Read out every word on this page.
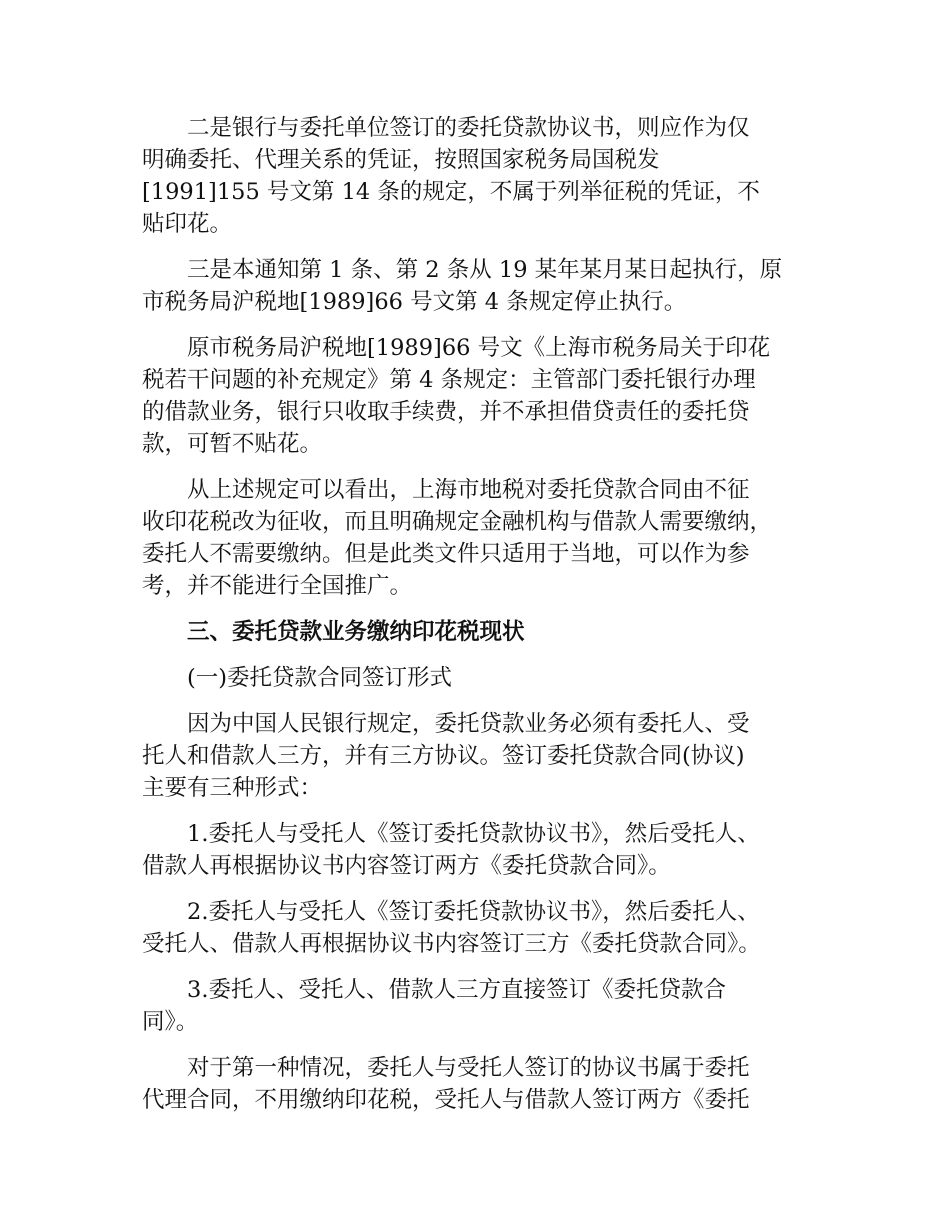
二是银行与委托单位签订的委托贷款协议书，则应作为仅
明确委托、代理关系的凭证，按照国家税务局国税发
[1991]155 号文第 14 条的规定，不属于列举征税的凭证，不
贴印花。

三是本通知第 1 条、第 2 条从 19 某年某月某日起执行，原
市税务局沪税地[1989]66 号文第 4 条规定停止执行。

原市税务局沪税地[1989]66 号文《上海市税务局关于印花
税若干问题的补充规定》第 4 条规定：主管部门委托银行办理
的借款业务，银行只收取手续费，并不承担借贷责任的委托贷
款，可暂不贴花。

从上述规定可以看出，上海市地税对委托贷款合同由不征
收印花税改为征收，而且明确规定金融机构与借款人需要缴纳，
委托人不需要缴纳。但是此类文件只适用于当地，可以作为参
考，并不能进行全国推广。

三、委托贷款业务缴纳印花税现状

(一)委托贷款合同签订形式

因为中国人民银行规定，委托贷款业务必须有委托人、受
托人和借款人三方，并有三方协议。签订委托贷款合同(协议)
主要有三种形式：

1.委托人与受托人《签订委托贷款协议书》，然后受托人、
借款人再根据协议书内容签订两方《委托贷款合同》。

2.委托人与受托人《签订委托贷款协议书》，然后委托人、
受托人、借款人再根据协议书内容签订三方《委托贷款合同》。

3.委托人、受托人、借款人三方直接签订《委托贷款合
同》。

对于第一种情况，委托人与受托人签订的协议书属于委托
代理合同，不用缴纳印花税，受托人与借款人签订两方《委托
